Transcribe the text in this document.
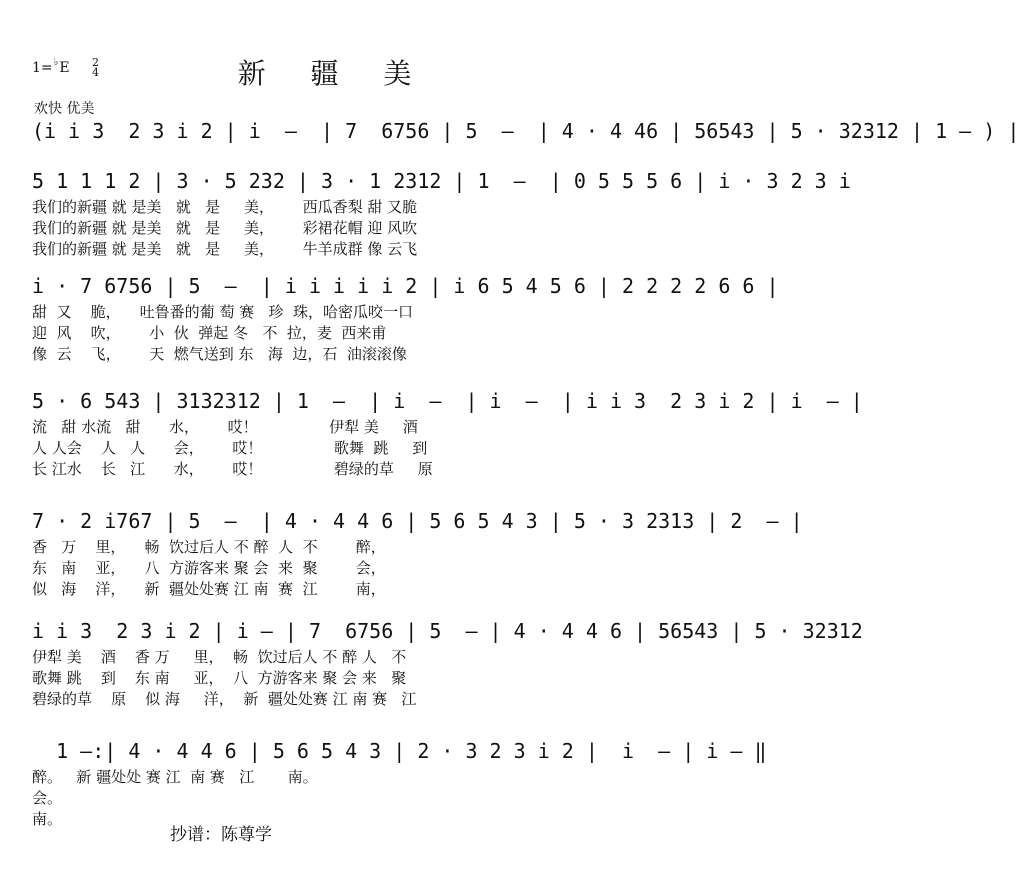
1=♭E 2
4	新 疆 美
欢快 优美
(i i 3  2 3 i 2 | i  –  | 7  6756 | 5  –  | 4 · 4 46 | 56543 | 5 · 32312 | 1 – ) |
5 1 1 1 2 | 3 · 5 232 | 3 · 1 2312 | 1  –  | 0 5 5 5 6 | i · 3 2 3 i
我们的新疆 就 是美   就   是     美，      西瓜香梨 甜 又脆
我们的新疆 就 是美   就   是     美，      彩裙花帽 迎 风吹
我们的新疆 就 是美   就   是     美，      牛羊成群 像 云飞
i · 7 6756 | 5  –  | i i i i i 2 | i 6 5 4 5 6 | 2 2 2 2 6 6 |
甜  又    脆，    吐鲁番的葡 萄 赛   珍  珠，哈密瓜咬一口
迎  风    吹，      小  伙  弹起 冬   不  拉，麦  西来甫
像  云    飞，      天  燃气送到 东   海  边，石  油滚滚像
5 · 6 543 | 3132312 | 1  –  | i  –  | i  –  | i i 3  2 3 i 2 | i  – |
流   甜 水流   甜      水，      哎！               伊犁 美     酒
人 人会    人   人      会，      哎！               歌舞  跳     到
长 江水    长   江      水，      哎！               碧绿的草     原
7 · 2 i767 | 5  –  | 4 · 4 4 6 | 5 6 5 4 3 | 5 · 3 2313 | 2  – |
香   万    里，    畅  饮过后人 不 醉  人  不        醉，
东   南    亚，    八  方游客来 聚 会  来  聚        会，
似   海    洋，    新  疆处处赛 江 南  赛  江        南，
i i 3  2 3 i 2 | i – | 7  6756 | 5  – | 4 · 4 4 6 | 56543 | 5 · 32312
伊犁 美    酒    香 万     里，  畅  饮过后人 不 醉 人   不
歌舞 跳    到    东 南     亚，  八  方游客来 聚 会 来   聚
碧绿的草    原    似 海     洋，  新  疆处处赛 江 南 赛   江
1 –:| 4 · 4 4 6 | 5 6 5 4 3 | 2 · 3 2 3 i 2 |  i  – | i – ‖
醉。   新 疆处处 赛 江  南 赛   江       南。
会。
南。
抄谱：陈尊学
